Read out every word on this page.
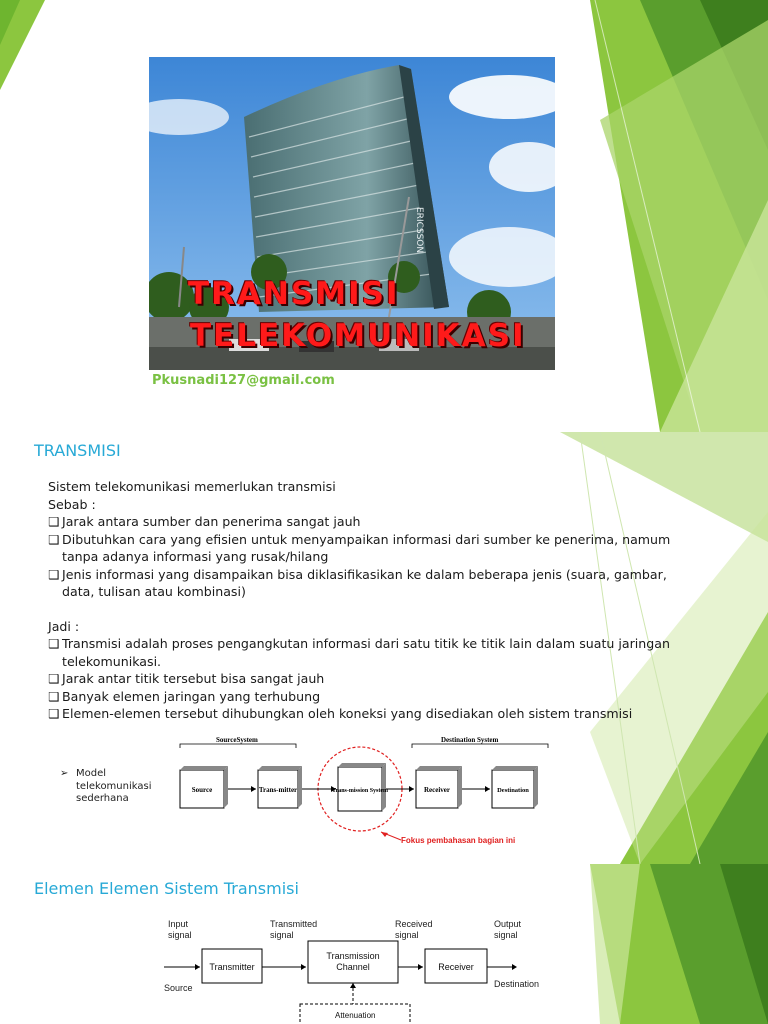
ERICSSON
TRANSMISI
TELEKOMUNIKASI
Pkusnadi127@gmail.com
TRANSMISI

Sistem telekomunikasi memerlukan transmisi

Sebab :

❑ Jarak antara sumber dan penerima sangat jauh
❑ Dibutuhkan cara yang efisien untuk menyampaikan informasi dari sumber ke penerima, namum tanpa adanya informasi yang rusak/hilang
❑ Jenis informasi yang disampaikan bisa diklasifikasikan ke dalam beberapa jenis (suara, gambar, data, tulisan atau kombinasi)

Jadi :

❑ Transmisi adalah proses pengangkutan informasi dari satu titik ke titik lain dalam suatu jaringan telekomunikasi.
❑ Jarak antar titik tersebut bisa sangat jauh
❑ Banyak elemen jaringan yang terhubung
❑ Elemen-elemen tersebut dihubungkan oleh koneksi yang disediakan oleh sistem transmisi
➢ Model telekomunikasi sederhana
SourceSystem	Destination System
Source	Trans-mitter	Trans-mission System	Receiver	Destination
Fokus pembahasan bagian ini
Elemen Elemen Sistem Transmisi
Input signal
Transmitted signal
Received signal
Output signal
Source	Destination
Transmitter
Transmission Channel	Receiver
Attenuation
